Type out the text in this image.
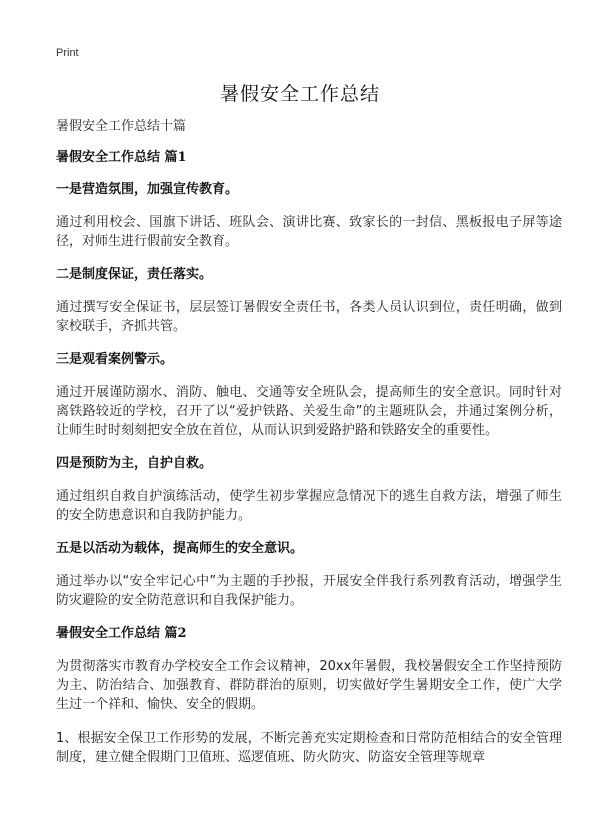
Print
暑假安全工作总结
暑假安全工作总结十篇
暑假安全工作总结 篇1
一是营造氛围，加强宣传教育。
通过利用校会、国旗下讲话、班队会、演讲比赛、致家长的一封信、黑板报电子屏等途径，对师生进行假前安全教育。
二是制度保证，责任落实。
通过撰写安全保证书，层层签订暑假安全责任书，各类人员认识到位，责任明确，做到家校联手，齐抓共管。
三是观看案例警示。
通过开展谨防溺水、消防、触电、交通等安全班队会，提高师生的安全意识。同时针对离铁路较近的学校，召开了以“爱护铁路、关爱生命”的主题班队会，并通过案例分析，让师生时时刻刻把安全放在首位，从而认识到爱路护路和铁路安全的重要性。
四是预防为主，自护自救。
通过组织自救自护演练活动，使学生初步掌握应急情况下的逃生自救方法，增强了师生的安全防患意识和自我防护能力。
五是以活动为载体，提高师生的安全意识。
通过举办以“安全牢记心中”为主题的手抄报，开展安全伴我行系列教育活动，增强学生防灾避险的安全防范意识和自我保护能力。
暑假安全工作总结 篇2
为贯彻落实市教育办学校安全工作会议精神，20xx年暑假，我校暑假安全工作坚持预防为主、防治结合、加强教育、群防群治的原则，切实做好学生暑期安全工作，使广大学生过一个祥和、愉快、安全的假期。
1、根据安全保卫工作形势的发展，不断完善充实定期检查和日常防范相结合的安全管理制度，建立健全假期门卫值班、巡逻值班、防火防灾、防盗安全管理等规章
